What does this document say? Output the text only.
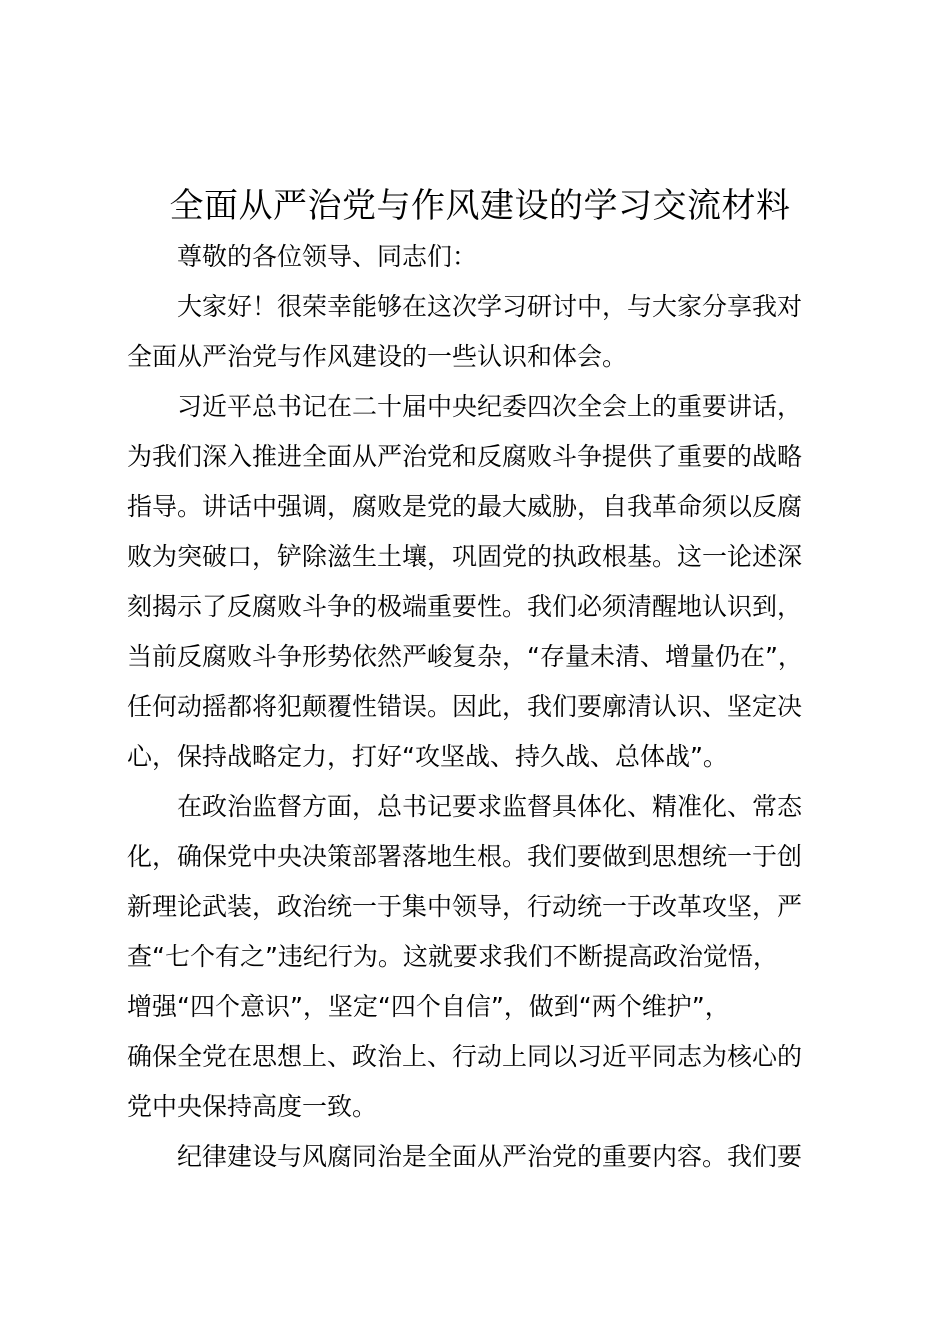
全面从严治党与作风建设的学习交流材料
尊敬的各位领导、同志们：
大家好！很荣幸能够在这次学习研讨中，与大家分享我对
全面从严治党与作风建设的一些认识和体会。
习近平总书记在二十届中央纪委四次全会上的重要讲话，
为我们深入推进全面从严治党和反腐败斗争提供了重要的战略
指导。讲话中强调，腐败是党的最大威胁，自我革命须以反腐
败为突破口，铲除滋生土壤，巩固党的执政根基。这一论述深
刻揭示了反腐败斗争的极端重要性。我们必须清醒地认识到，
当前反腐败斗争形势依然严峻复杂，“存量未清、增量仍在”，
任何动摇都将犯颠覆性错误。因此，我们要廓清认识、坚定决
心，保持战略定力，打好“攻坚战、持久战、总体战”。
在政治监督方面，总书记要求监督具体化、精准化、常态
化，确保党中央决策部署落地生根。我们要做到思想统一于创
新理论武装，政治统一于集中领导，行动统一于改革攻坚，严
查“七个有之”违纪行为。这就要求我们不断提高政治觉悟，
增强“四个意识”，坚定“四个自信”，做到“两个维护”，
确保全党在思想上、政治上、行动上同以习近平同志为核心的
党中央保持高度一致。
纪律建设与风腐同治是全面从严治党的重要内容。我们要
